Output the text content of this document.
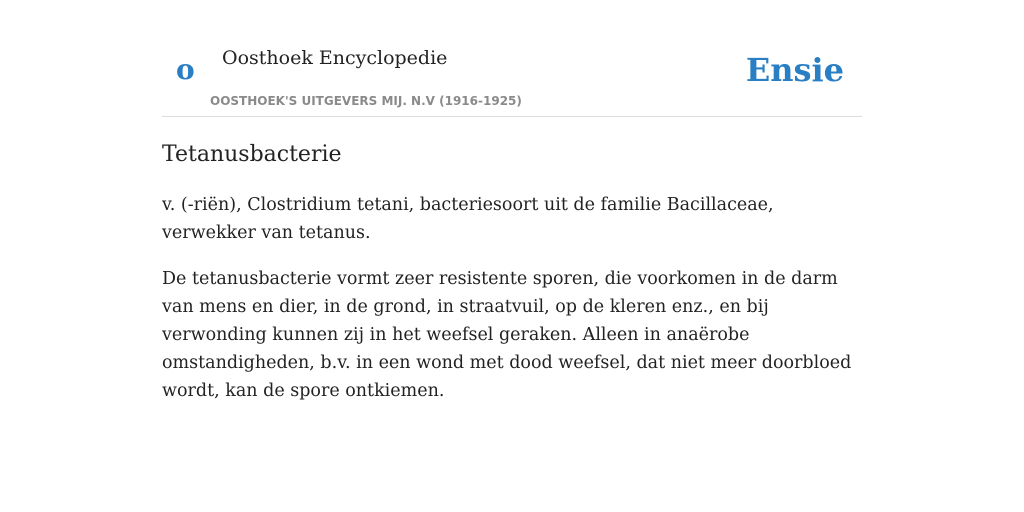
o Oosthoek Encyclopedie
OOSTHOEK'S UITGEVERS MIJ. N.V (1916-1925)
Ensie
Tetanusbacterie

v. (-riën), Clostridium tetani, bacteriesoort uit de familie Bacillaceae, verwekker van tetanus.

De tetanusbacterie vormt zeer resistente sporen, die voorkomen in de darm van mens en dier, in de grond, in straatvuil, op de kleren enz., en bij verwonding kunnen zij in het weefsel geraken. Alleen in anaërobe omstandigheden, b.v. in een wond met dood weefsel, dat niet meer doorbloed wordt, kan de spore ontkiemen.
